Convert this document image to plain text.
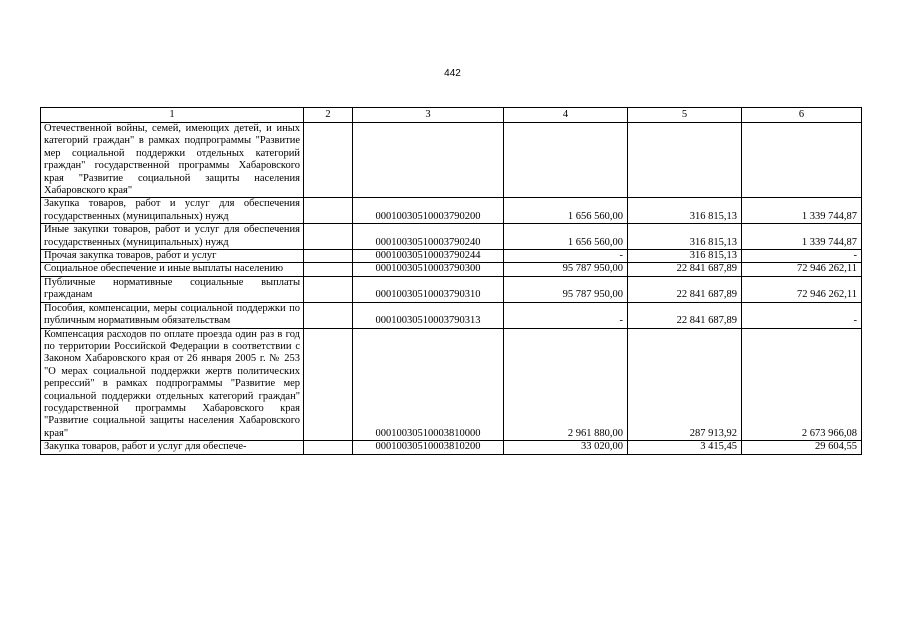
442
1	2	3	4	5	6
Отечественной войны, семей, имеющих детей, и иных категорий граждан" в рамках подпрограммы "Развитие мер социальной поддержки отдельных категорий граждан" государственной программы Хабаровского края "Развитие социальной защиты населения Хабаровского края"					
Закупка товаров, работ и услуг для обеспечения государственных (муниципальных) нужд		00010030510003790200	1 656 560,00	316 815,13	1 339 744,87
Иные закупки товаров, работ и услуг для обеспечения государственных (муниципальных) нужд		00010030510003790240	1 656 560,00	316 815,13	1 339 744,87
Прочая закупка товаров, работ и услуг		00010030510003790244	-	316 815,13	-
Социальное обеспечение и иные выплаты населению		00010030510003790300	95 787 950,00	22 841 687,89	72 946 262,11
Публичные нормативные социальные выплаты гражданам		00010030510003790310	95 787 950,00	22 841 687,89	72 946 262,11
Пособия, компенсации, меры социальной поддержки по публичным нормативным обязательствам		00010030510003790313	-	22 841 687,89	-
Компенсация расходов по оплате проезда один раз в год по территории Российской Федерации в соответствии с Законом Хабаровского края от 26 января 2005 г. № 253 "О мерах социальной поддержки жертв политических репрессий" в рамках подпрограммы "Развитие мер социальной поддержки отдельных категорий граждан" государственной программы Хабаровского края "Развитие социальной защиты населения Хабаровского края"		00010030510003810000	2 961 880,00	287 913,92	2 673 966,08
Закупка товаров, работ и услуг для обеспече-		00010030510003810200	33 020,00	3 415,45	29 604,55
